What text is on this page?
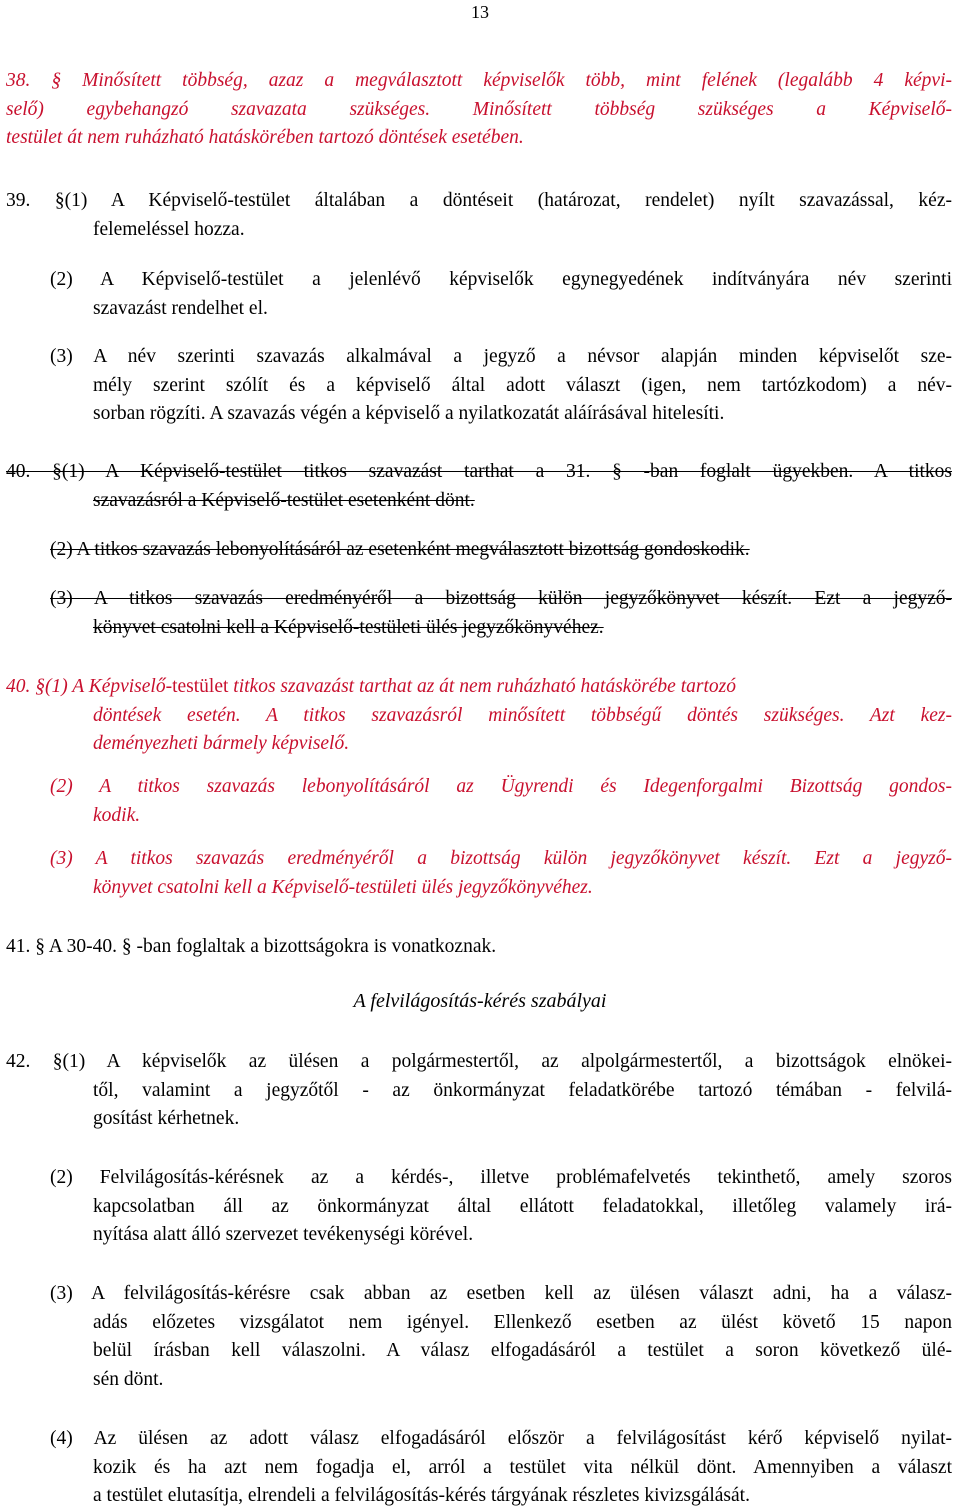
13
38. § Minősített többség, azaz a megválasztott képviselők több, mint felének (legalább 4 képvi-
selő) egybehangzó szavazata szükséges. Minősített többség szükséges a Képviselő-
testület át nem ruházható hatáskörében tartozó döntések esetében.
39. §(1) A Képviselő-testület általában a döntéseit (határozat, rendelet) nyílt szavazással, kéz-
felemeléssel hozza.
(2) A Képviselő-testület a jelenlévő képviselők egynegyedének indítványára név szerinti
szavazást rendelhet el.
(3) A név szerinti szavazás alkalmával a jegyző a névsor alapján minden képviselőt sze-
mély szerint szólít és a képviselő által adott választ (igen, nem tartózkodom) a név-
sorban rögzíti. A szavazás végén a képviselő a nyilatkozatát aláírásával hitelesíti.
40. §(1) A Képviselő-testület titkos szavazást tarthat a 31. § -ban foglalt ügyekben. A titkos
szavazásról a Képviselő-testület esetenként dönt.
(2) A titkos szavazás lebonyolításáról az esetenként megválasztott bizottság gondoskodik.
(3) A titkos szavazás eredményéről a bizottság külön jegyzőkönyvet készít. Ezt a jegyző-
könyvet csatolni kell a Képviselő-testületi ülés jegyzőkönyvéhez.
40. §(1) A Képviselő-testület titkos szavazást tarthat az át nem ruházható hatáskörébe tartozó
döntések esetén. A titkos szavazásról minősített többségű döntés szükséges. Azt kez-
deményezheti bármely képviselő.
(2) A titkos szavazás lebonyolításáról az Ügyrendi és Idegenforgalmi Bizottság gondos-
kodik.
(3) A titkos szavazás eredményéről a bizottság külön jegyzőkönyvet készít. Ezt a jegyző-
könyvet csatolni kell a Képviselő-testületi ülés jegyzőkönyvéhez.
41. § A 30-40. § -ban foglaltak a bizottságokra is vonatkoznak.
A felvilágosítás-kérés szabályai
42. §(1) A képviselők az ülésen a polgármestertől, az alpolgármestertől, a bizottságok elnökei-
től, valamint a jegyzőtől - az önkormányzat feladatkörébe tartozó témában - felvilá-
gosítást kérhetnek.
(2) Felvilágosítás-kérésnek az a kérdés-, illetve problémafelvetés tekinthető, amely szoros
kapcsolatban áll az önkormányzat által ellátott feladatokkal, illetőleg valamely irá-
nyítása alatt álló szervezet tevékenységi körével.
(3) A felvilágosítás-kérésre csak abban az esetben kell az ülésen választ adni, ha a válasz-
adás előzetes vizsgálatot nem igényel. Ellenkező esetben az ülést követő 15 napon
belül írásban kell válaszolni. A válasz elfogadásáról a testület a soron következő ülé-
sén dönt.
(4) Az ülésen az adott válasz elfogadásáról először a felvilágosítást kérő képviselő nyilat-
kozik és ha azt nem fogadja el, arról a testület vita nélkül dönt. Amennyiben a választ
a testület elutasítja, elrendeli a felvilágosítás-kérés tárgyának részletes kivizsgálását.
